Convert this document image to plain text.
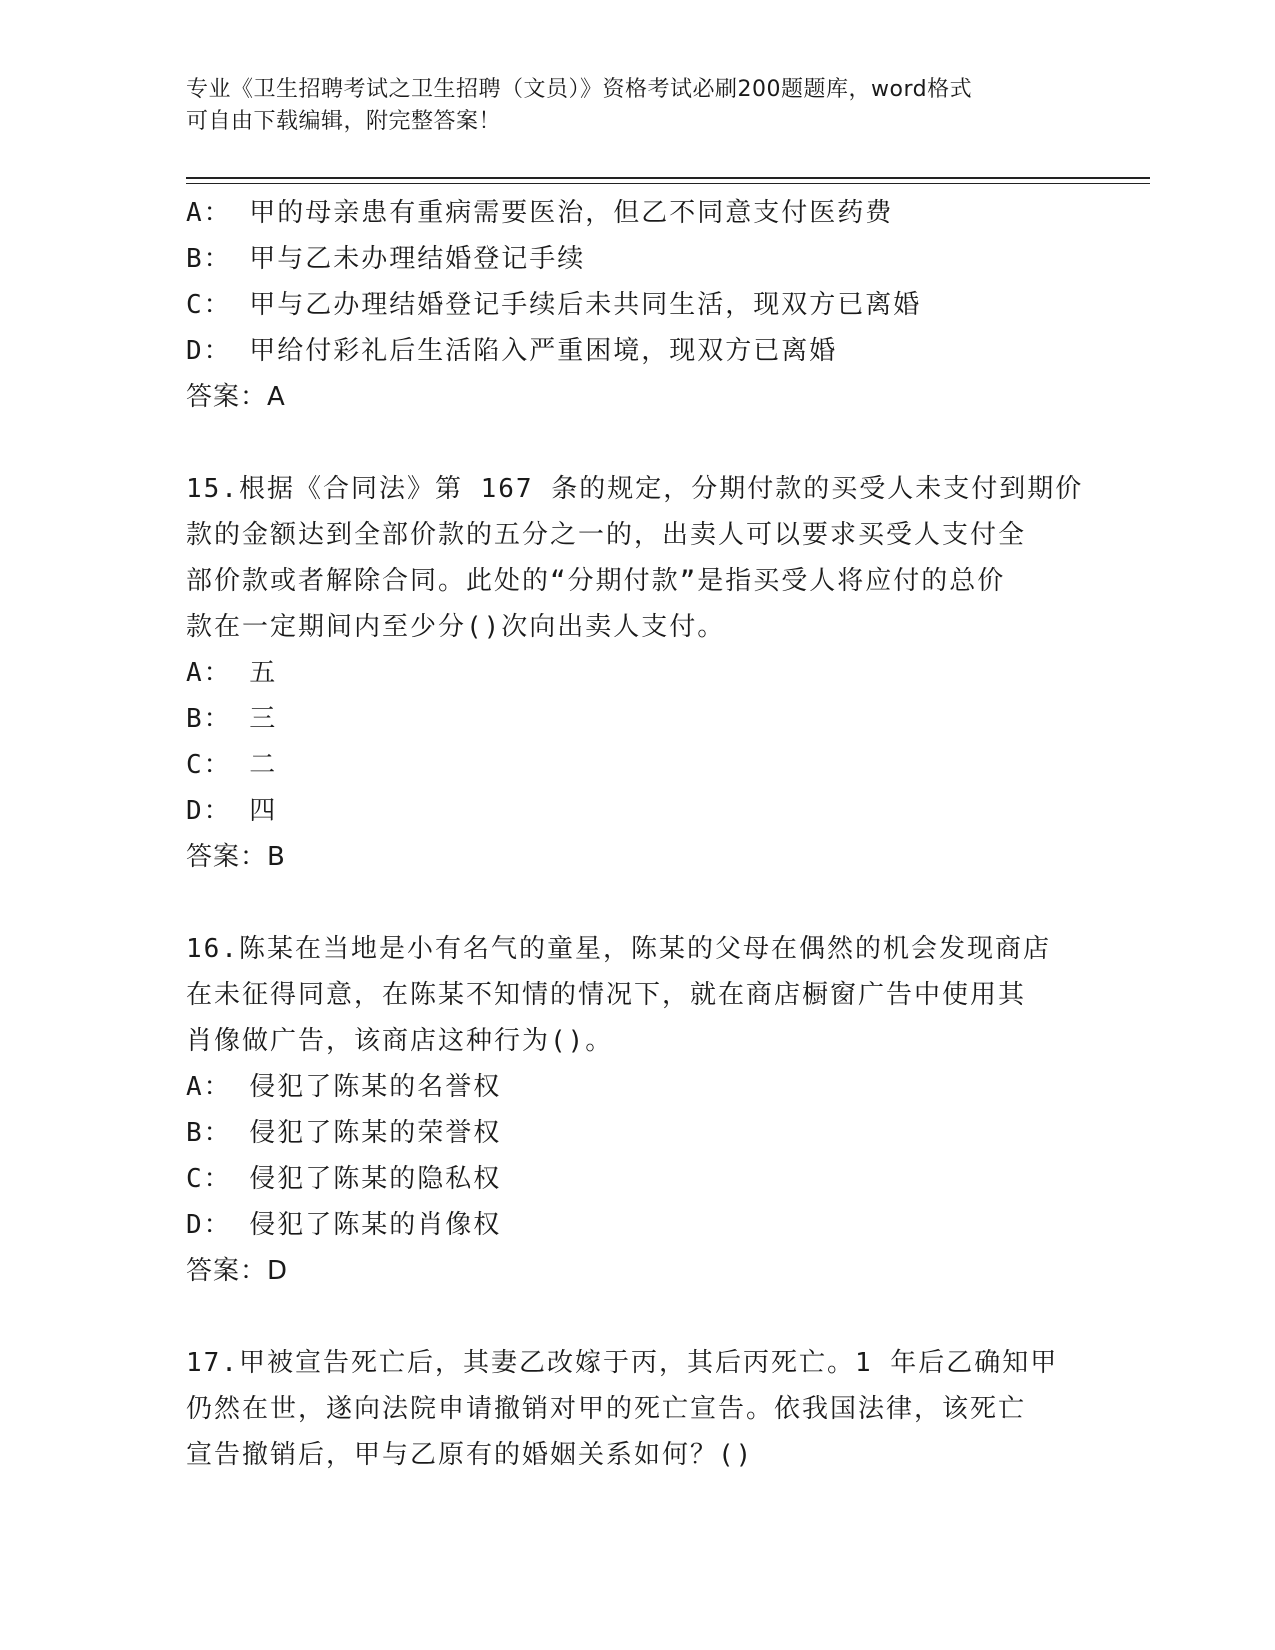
专业《卫生招聘考试之卫生招聘（文员）》资格考试必刷200题题库，word格式
可自由下载编辑，附完整答案！
A： 甲的母亲患有重病需要医治，但乙不同意支付医药费
B： 甲与乙未办理结婚登记手续
C： 甲与乙办理结婚登记手续后未共同生活，现双方已离婚
D： 甲给付彩礼后生活陷入严重困境，现双方已离婚
答案：A
15.根据《合同法》第 167 条的规定，分期付款的买受人未支付到期价
款的金额达到全部价款的五分之一的，出卖人可以要求买受人支付全
部价款或者解除合同。此处的“分期付款”是指买受人将应付的总价
款在一定期间内至少分()次向出卖人支付。
A： 五
B： 三
C： 二
D： 四
答案：B
16.陈某在当地是小有名气的童星，陈某的父母在偶然的机会发现商店
在未征得同意，在陈某不知情的情况下，就在商店橱窗广告中使用其
肖像做广告，该商店这种行为()。
A： 侵犯了陈某的名誉权
B： 侵犯了陈某的荣誉权
C： 侵犯了陈某的隐私权
D： 侵犯了陈某的肖像权
答案：D
17.甲被宣告死亡后，其妻乙改嫁于丙，其后丙死亡。1 年后乙确知甲
仍然在世，遂向法院申请撤销对甲的死亡宣告。依我国法律，该死亡
宣告撤销后，甲与乙原有的婚姻关系如何？()
